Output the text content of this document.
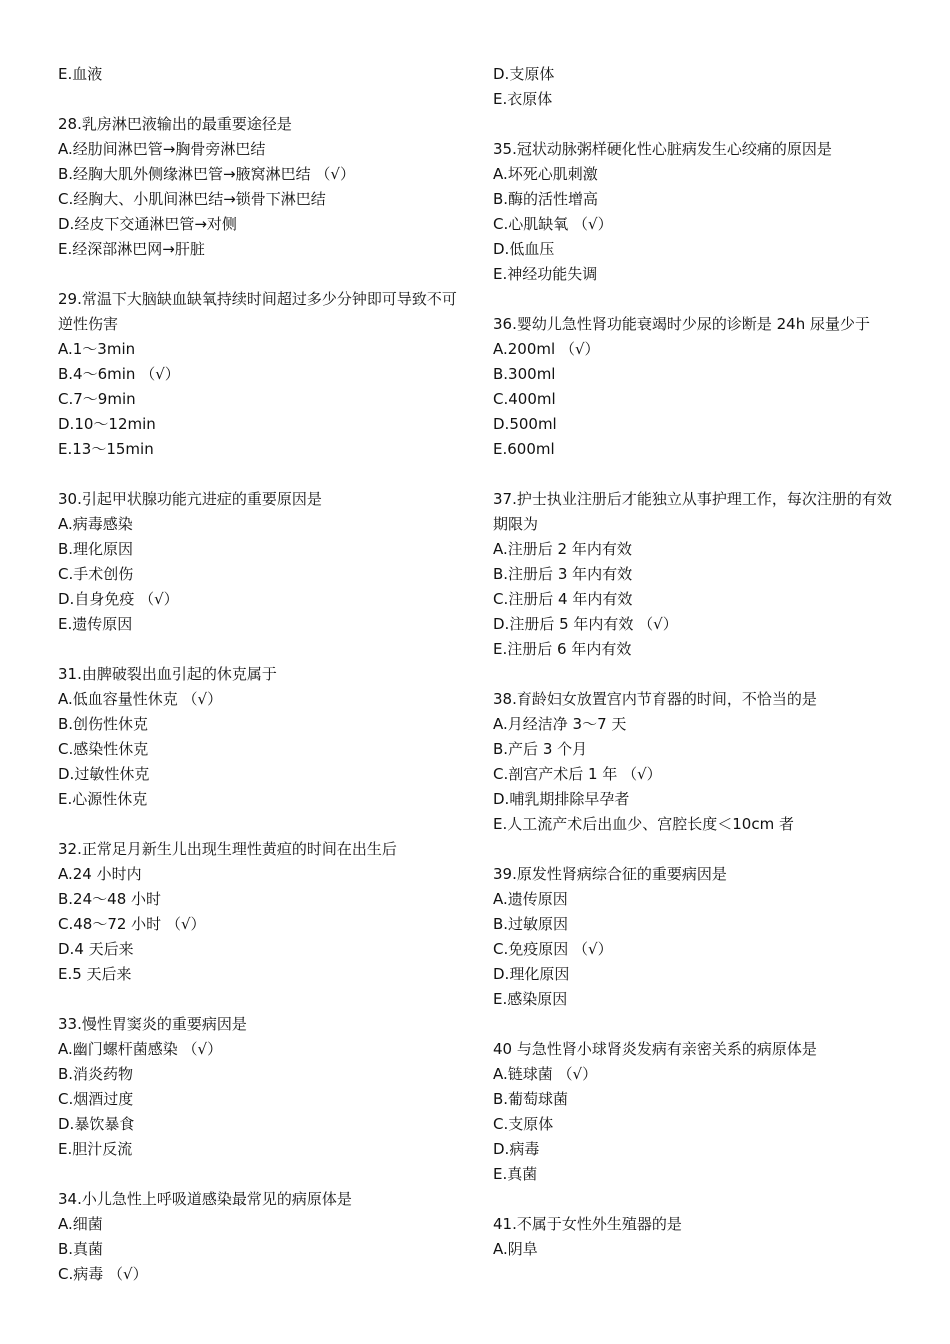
E.血液

28.乳房淋巴液输出的最重要途径是

A.经肋间淋巴管→胸骨旁淋巴结

B.经胸大肌外侧缘淋巴管→腋窝淋巴结 （√）

C.经胸大、小肌间淋巴结→锁骨下淋巴结

D.经皮下交通淋巴管→对侧

E.经深部淋巴网→肝脏

29.常温下大脑缺血缺氧持续时间超过多少分钟即可导致不可逆性伤害

A.1～3min

B.4～6min （√）

C.7～9min

D.10～12min

E.13～15min

30.引起甲状腺功能亢进症的重要原因是

A.病毒感染

B.理化原因

C.手术创伤

D.自身免疫 （√）

E.遗传原因

31.由脾破裂出血引起的休克属于

A.低血容量性休克 （√）

B.创伤性休克

C.感染性休克

D.过敏性休克

E.心源性休克

32.正常足月新生儿出现生理性黄疸的时间在出生后

A.24 小时内

B.24～48 小时

C.48～72 小时 （√）

D.4 天后来

E.5 天后来

33.慢性胃窦炎的重要病因是

A.幽门螺杆菌感染 （√）

B.消炎药物

C.烟酒过度

D.暴饮暴食

E.胆汁反流

34.小儿急性上呼吸道感染最常见的病原体是

A.细菌

B.真菌

C.病毒 （√）

D.支原体

E.衣原体

35.冠状动脉粥样硬化性心脏病发生心绞痛的原因是

A.坏死心肌刺激

B.酶的活性增高

C.心肌缺氧 （√）

D.低血压

E.神经功能失调

36.婴幼儿急性肾功能衰竭时少尿的诊断是 24h 尿量少于

A.200ml （√）

B.300ml

C.400ml

D.500ml

E.600ml

37.护士执业注册后才能独立从事护理工作，每次注册的有效期限为

A.注册后 2 年内有效

B.注册后 3 年内有效

C.注册后 4 年内有效

D.注册后 5 年内有效 （√）

E.注册后 6 年内有效

38.育龄妇女放置宫内节育器的时间，不恰当的是

A.月经洁净 3～7 天

B.产后 3 个月

C.剖宫产术后 1 年 （√）

D.哺乳期排除早孕者

E.人工流产术后出血少、宫腔长度＜10cm 者

39.原发性肾病综合征的重要病因是

A.遗传原因

B.过敏原因

C.免疫原因 （√）

D.理化原因

E.感染原因

40 与急性肾小球肾炎发病有亲密关系的病原体是

A.链球菌 （√）

B.葡萄球菌

C.支原体

D.病毒

E.真菌

41.不属于女性外生殖器的是

A.阴阜
